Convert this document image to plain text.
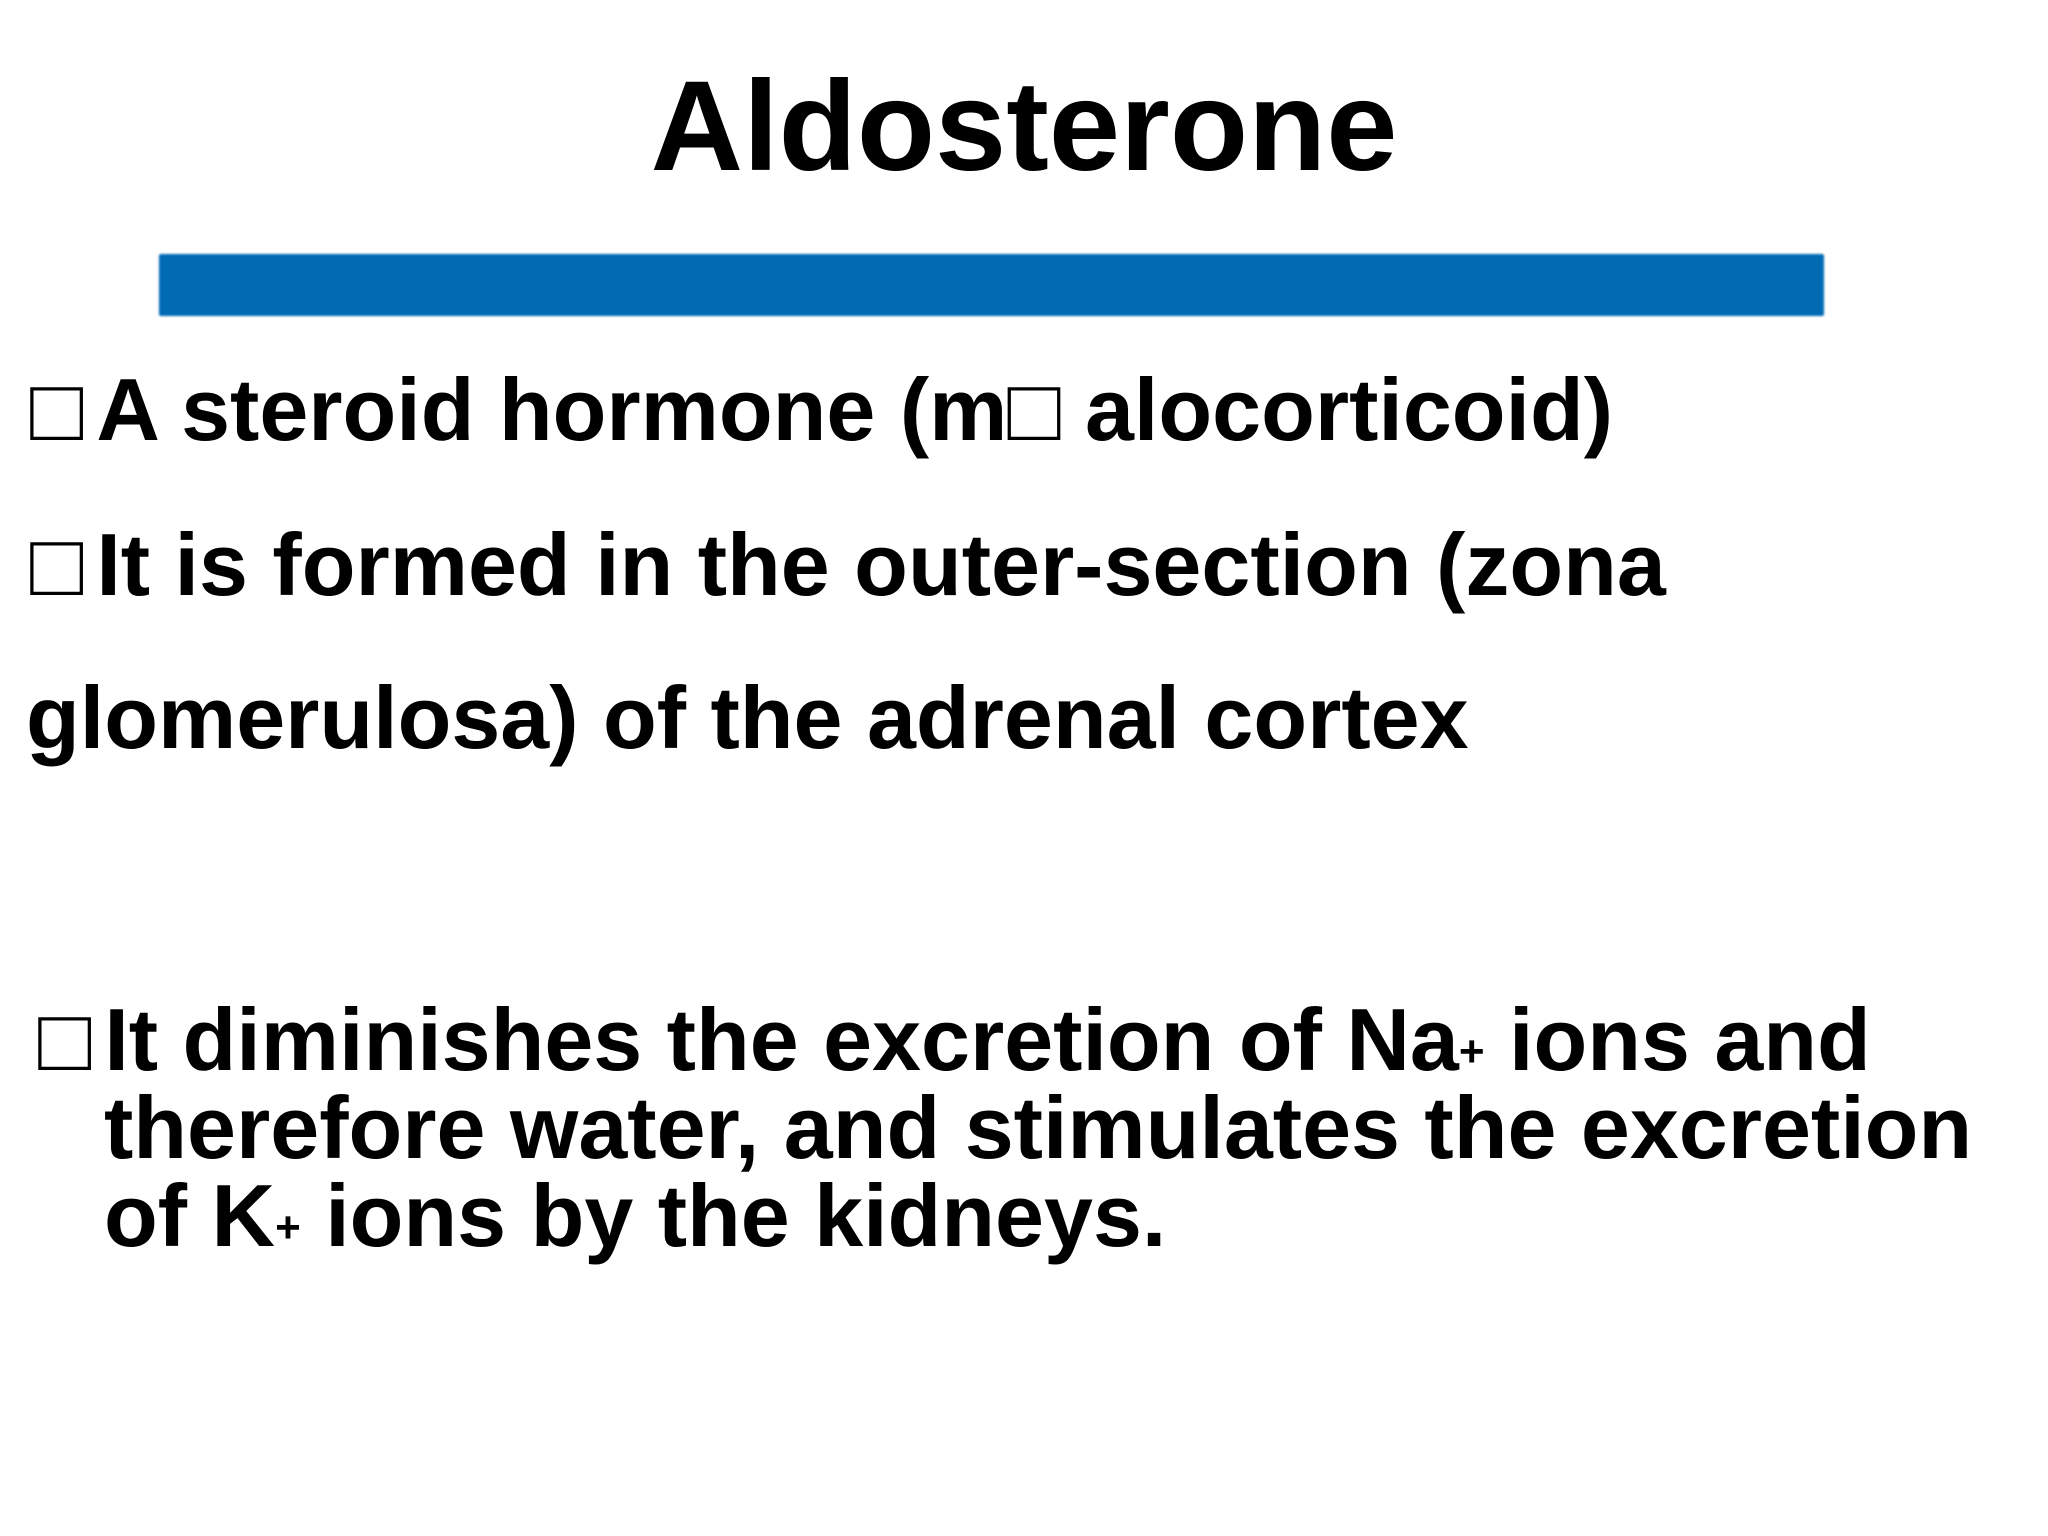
Aldosterone

□ A steroid hormone (m□ alocorticoid)

□ It is formed in the outer-section (zona

glomerulosa) of the adrenal cortex

□ It diminishes the excretion of Na+ ions and

therefore water, and stimulates the excretion

of K+ ions by the kidneys.
